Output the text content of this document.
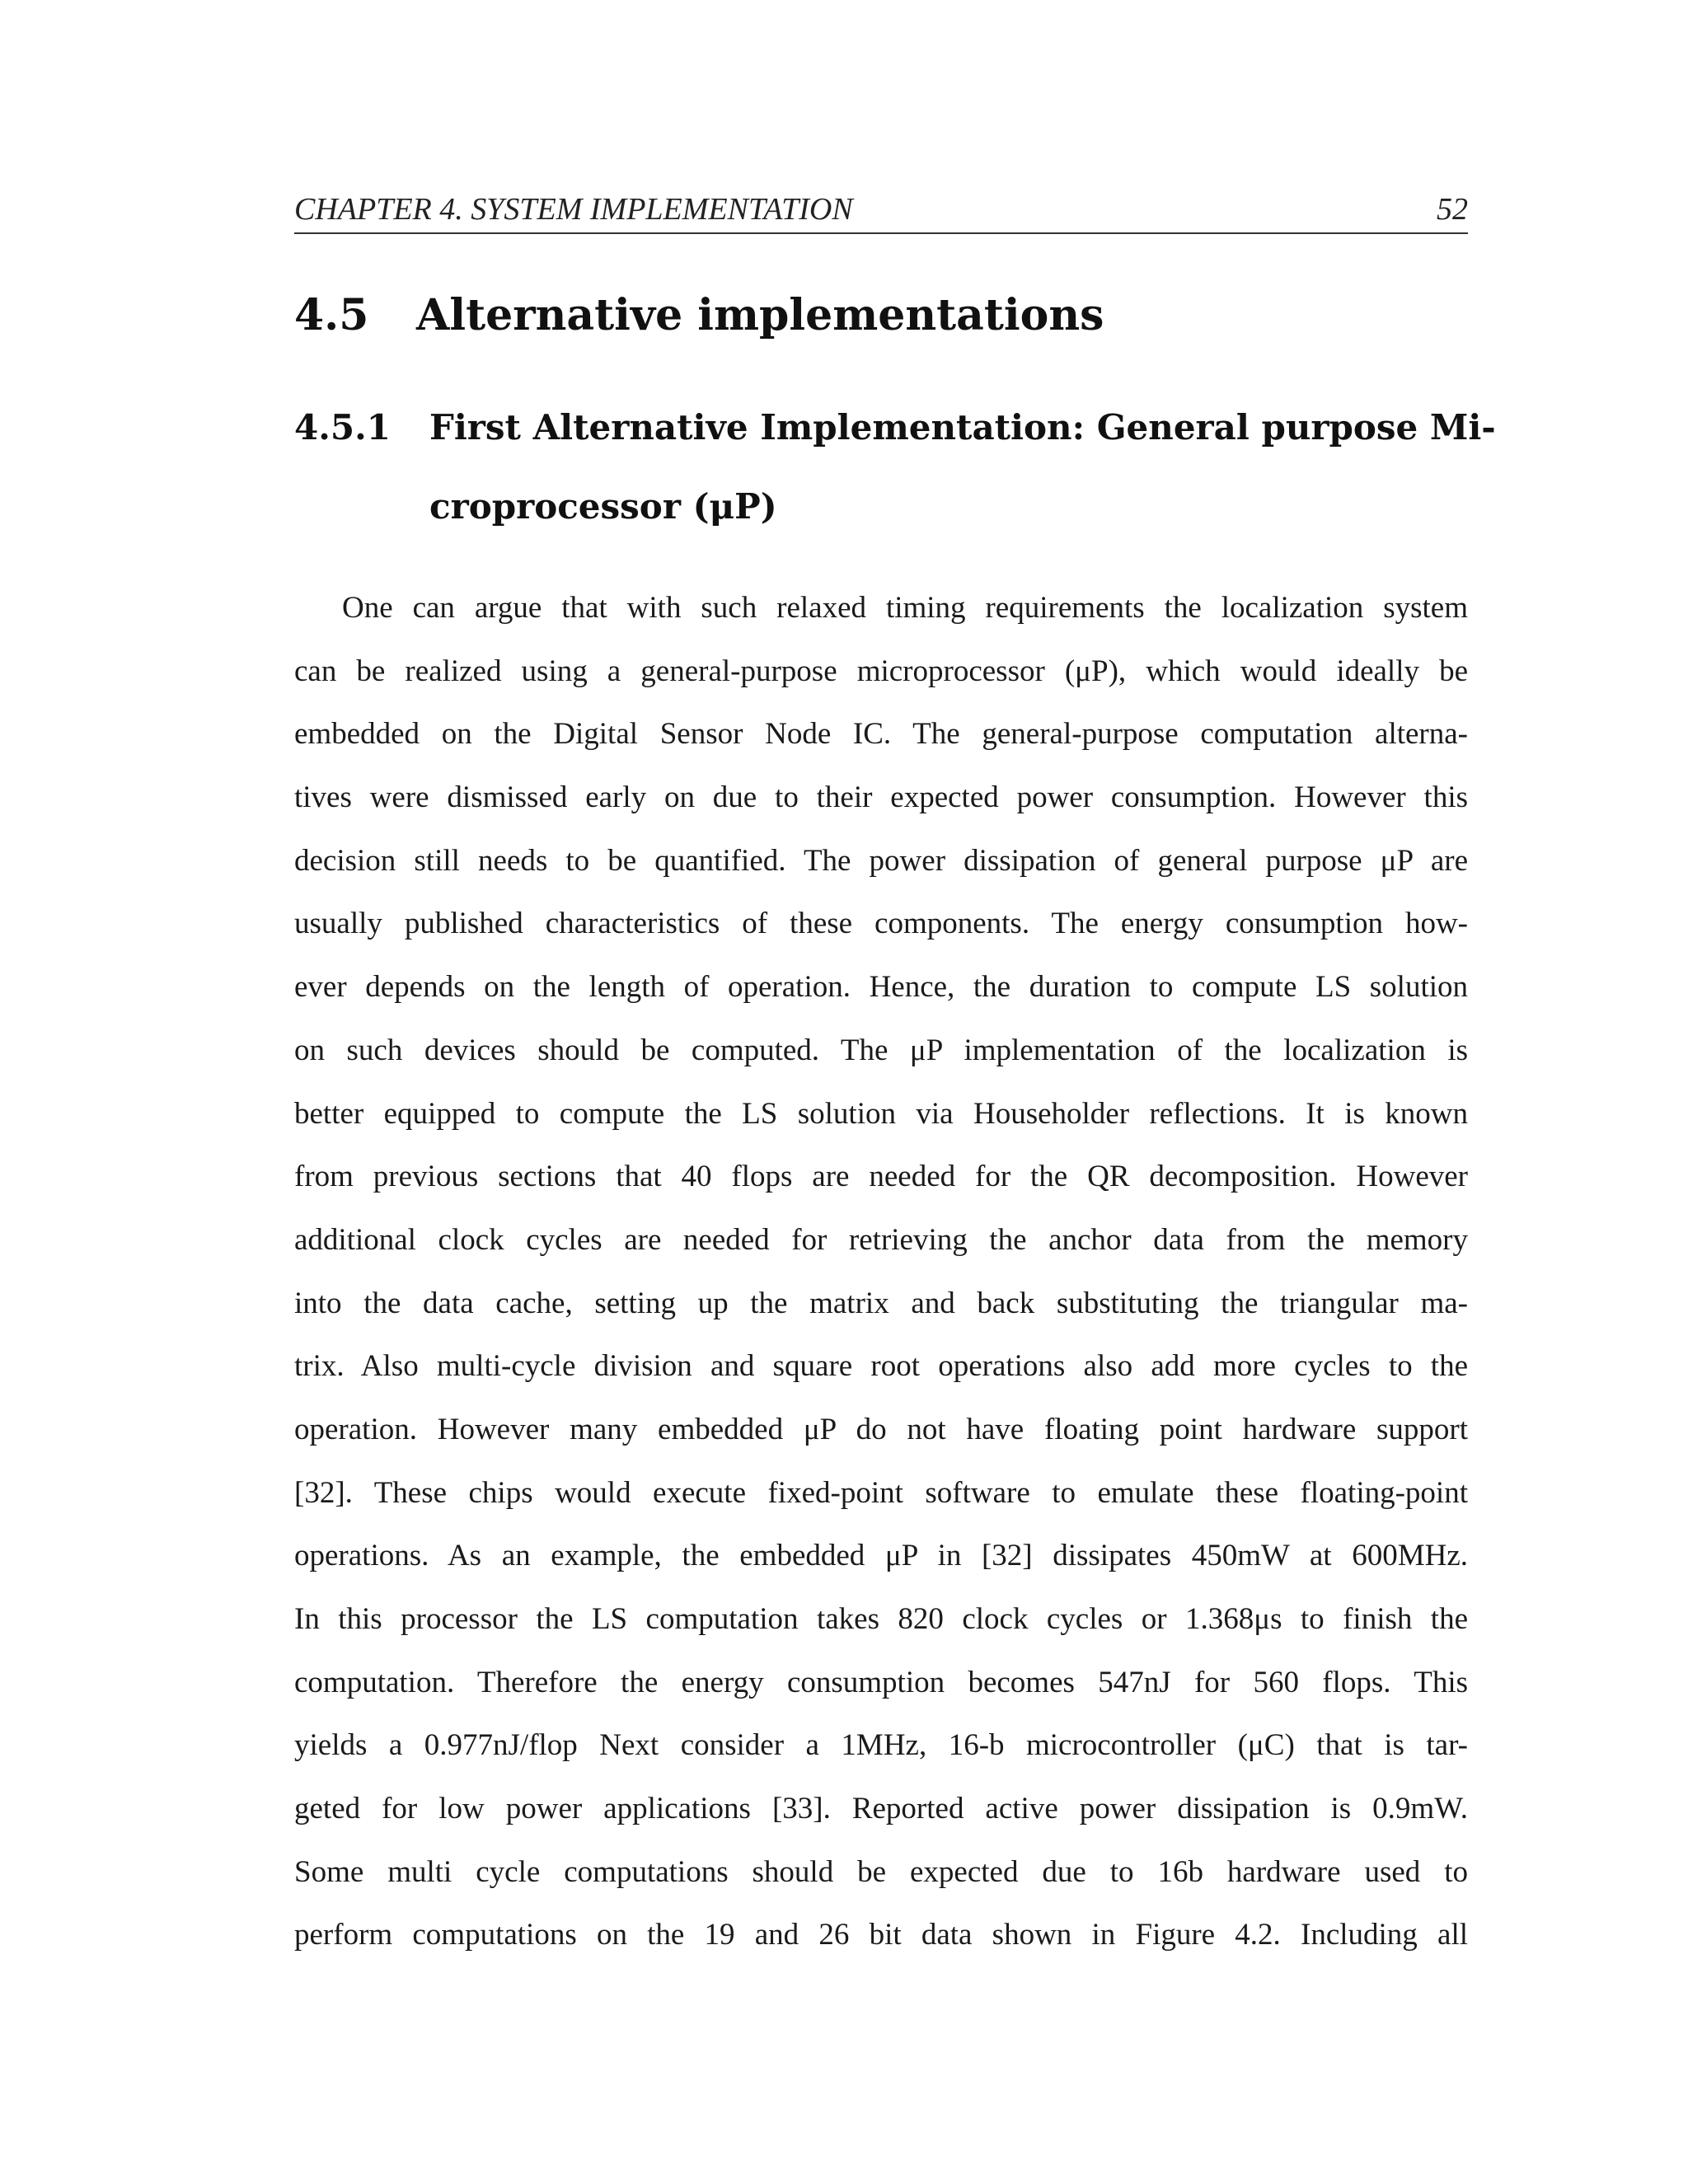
CHAPTER 4. SYSTEM IMPLEMENTATION	52
4.5 Alternative implementations
4.5.1 First Alternative Implementation: General purpose Mi-
croprocessor (μP)
One can argue that with such relaxed timing requirements the localization system
can be realized using a general-purpose microprocessor (μP), which would ideally be
embedded on the Digital Sensor Node IC. The general-purpose computation alterna-
tives were dismissed early on due to their expected power consumption. However this
decision still needs to be quantified. The power dissipation of general purpose μP are
usually published characteristics of these components. The energy consumption how-
ever depends on the length of operation. Hence, the duration to compute LS solution
on such devices should be computed. The μP implementation of the localization is
better equipped to compute the LS solution via Householder reflections. It is known
from previous sections that 40 flops are needed for the QR decomposition. However
additional clock cycles are needed for retrieving the anchor data from the memory
into the data cache, setting up the matrix and back substituting the triangular ma-
trix. Also multi-cycle division and square root operations also add more cycles to the
operation. However many embedded μP do not have floating point hardware support
[32]. These chips would execute fixed-point software to emulate these floating-point
operations. As an example, the embedded μP in [32] dissipates 450mW at 600MHz.
In this processor the LS computation takes 820 clock cycles or 1.368μs to finish the
computation. Therefore the energy consumption becomes 547nJ for 560 flops. This
yields a 0.977nJ/flop Next consider a 1MHz, 16-b microcontroller (μC) that is tar-
geted for low power applications [33]. Reported active power dissipation is 0.9mW.
Some multi cycle computations should be expected due to 16b hardware used to
perform computations on the 19 and 26 bit data shown in Figure 4.2. Including all
